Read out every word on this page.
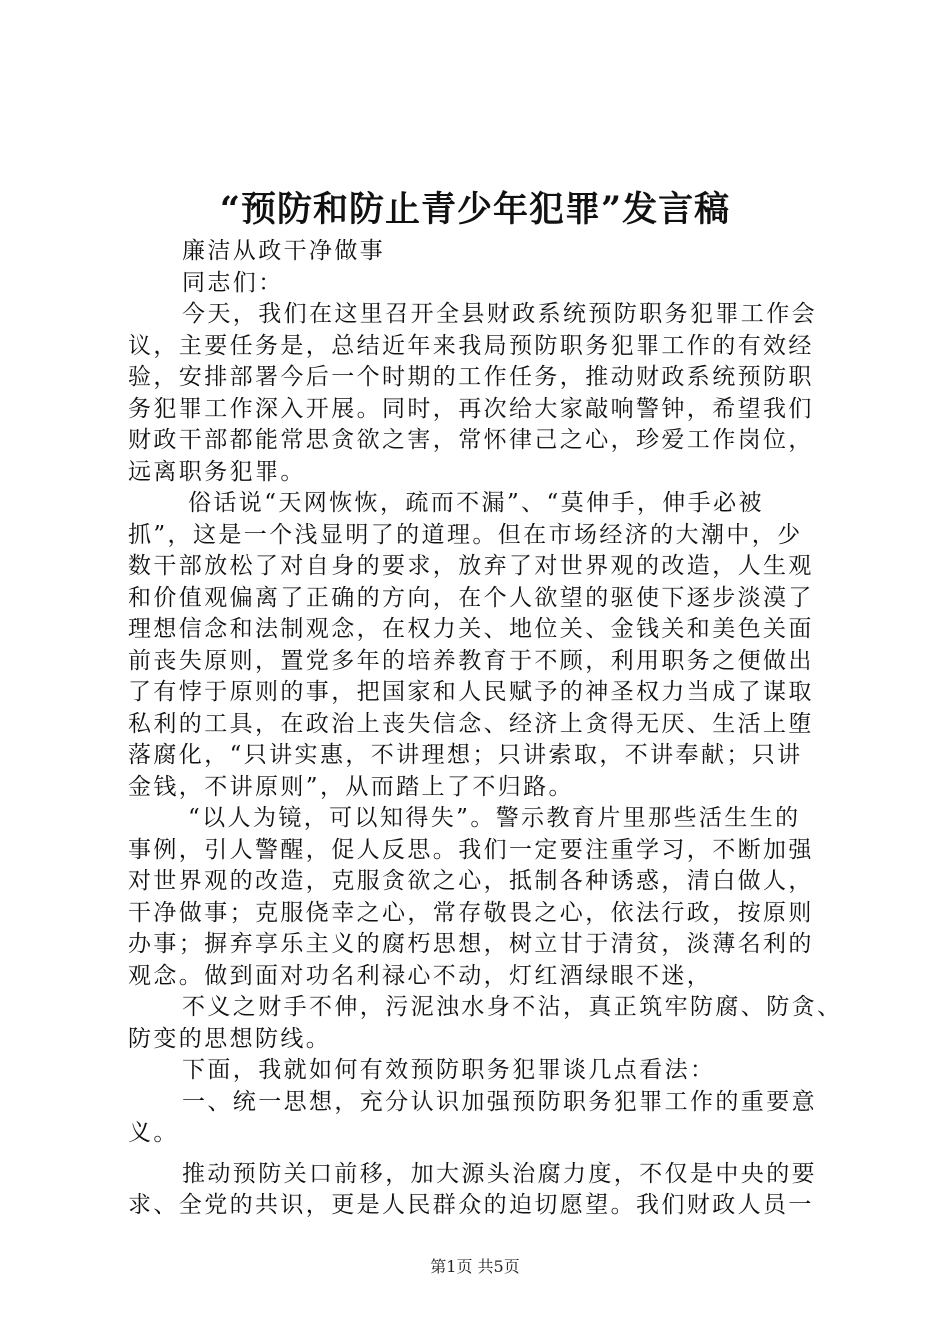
“预防和防止青少年犯罪”发言稿
廉洁从政干净做事
同志们：
今天，我们在这里召开全县财政系统预防职务犯罪工作会
议，主要任务是，总结近年来我局预防职务犯罪工作的有效经
验，安排部署今后一个时期的工作任务，推动财政系统预防职
务犯罪工作深入开展。同时，再次给大家敲响警钟，希望我们
财政干部都能常思贪欲之害，常怀律己之心，珍爱工作岗位，
远离职务犯罪。
俗话说“天网恢恢，疏而不漏”、“莫伸手，伸手必被
抓”，这是一个浅显明了的道理。但在市场经济的大潮中，少
数干部放松了对自身的要求，放弃了对世界观的改造，人生观
和价值观偏离了正确的方向，在个人欲望的驱使下逐步淡漠了
理想信念和法制观念，在权力关、地位关、金钱关和美色关面
前丧失原则，置党多年的培养教育于不顾，利用职务之便做出
了有悖于原则的事，把国家和人民赋予的神圣权力当成了谋取
私利的工具，在政治上丧失信念、经济上贪得无厌、生活上堕
落腐化，“只讲实惠，不讲理想；只讲索取，不讲奉献；只讲
金钱，不讲原则”，从而踏上了不归路。
“以人为镜，可以知得失”。警示教育片里那些活生生的
事例，引人警醒，促人反思。我们一定要注重学习，不断加强
对世界观的改造，克服贪欲之心，抵制各种诱惑，清白做人，
干净做事；克服侥幸之心，常存敬畏之心，依法行政，按原则
办事；摒弃享乐主义的腐朽思想，树立甘于清贫，淡薄名利的
观念。做到面对功名利禄心不动，灯红酒绿眼不迷，
不义之财手不伸，污泥浊水身不沾，真正筑牢防腐、防贪、
防变的思想防线。
下面，我就如何有效预防职务犯罪谈几点看法：
一、统一思想，充分认识加强预防职务犯罪工作的重要意
义。
推动预防关口前移，加大源头治腐力度，不仅是中央的要
求、全党的共识，更是人民群众的迫切愿望。我们财政人员一
第1页 共5页
